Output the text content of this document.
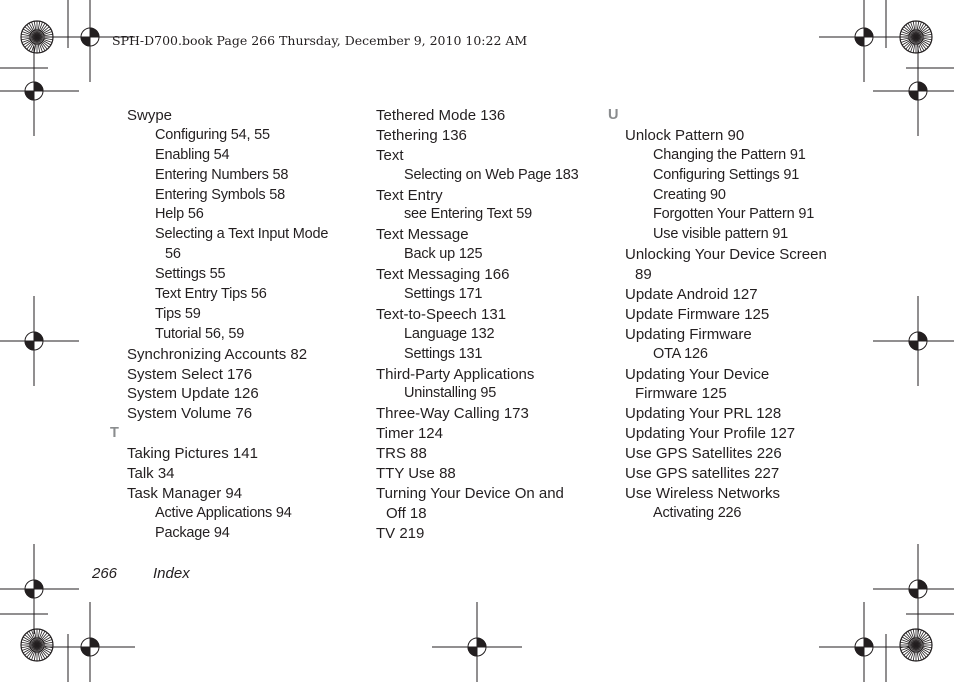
SPH-D700.book Page 266 Thursday, December 9, 2010 10:22 AM
Swype
Configuring 54, 55
Enabling 54
Entering Numbers 58
Entering Symbols 58
Help 56
Selecting a Text Input Mode
56
Settings 55
Text Entry Tips 56
Tips 59
Tutorial 56, 59
Synchronizing Accounts 82
System Select 176
System Update 126
System Volume 76
T
Taking Pictures 141
Talk 34
Task Manager 94
Active Applications 94
Package 94
Tethered Mode 136
Tethering 136
Text
Selecting on Web Page 183
Text Entry
see Entering Text 59
Text Message
Back up 125
Text Messaging 166
Settings 171
Text-to-Speech 131
Language 132
Settings 131
Third-Party Applications
Uninstalling 95
Three-Way Calling 173
Timer 124
TRS 88
TTY Use 88
Turning Your Device On and
Off 18
TV 219
U
Unlock Pattern 90
Changing the Pattern 91
Configuring Settings 91
Creating 90
Forgotten Your Pattern 91
Use visible pattern 91
Unlocking Your Device Screen
89
Update Android 127
Update Firmware 125
Updating Firmware
OTA 126
Updating Your Device
Firmware 125
Updating Your PRL 128
Updating Your Profile 127
Use GPS Satellites 226
Use GPS satellites 227
Use Wireless Networks
Activating 226
266 Index
